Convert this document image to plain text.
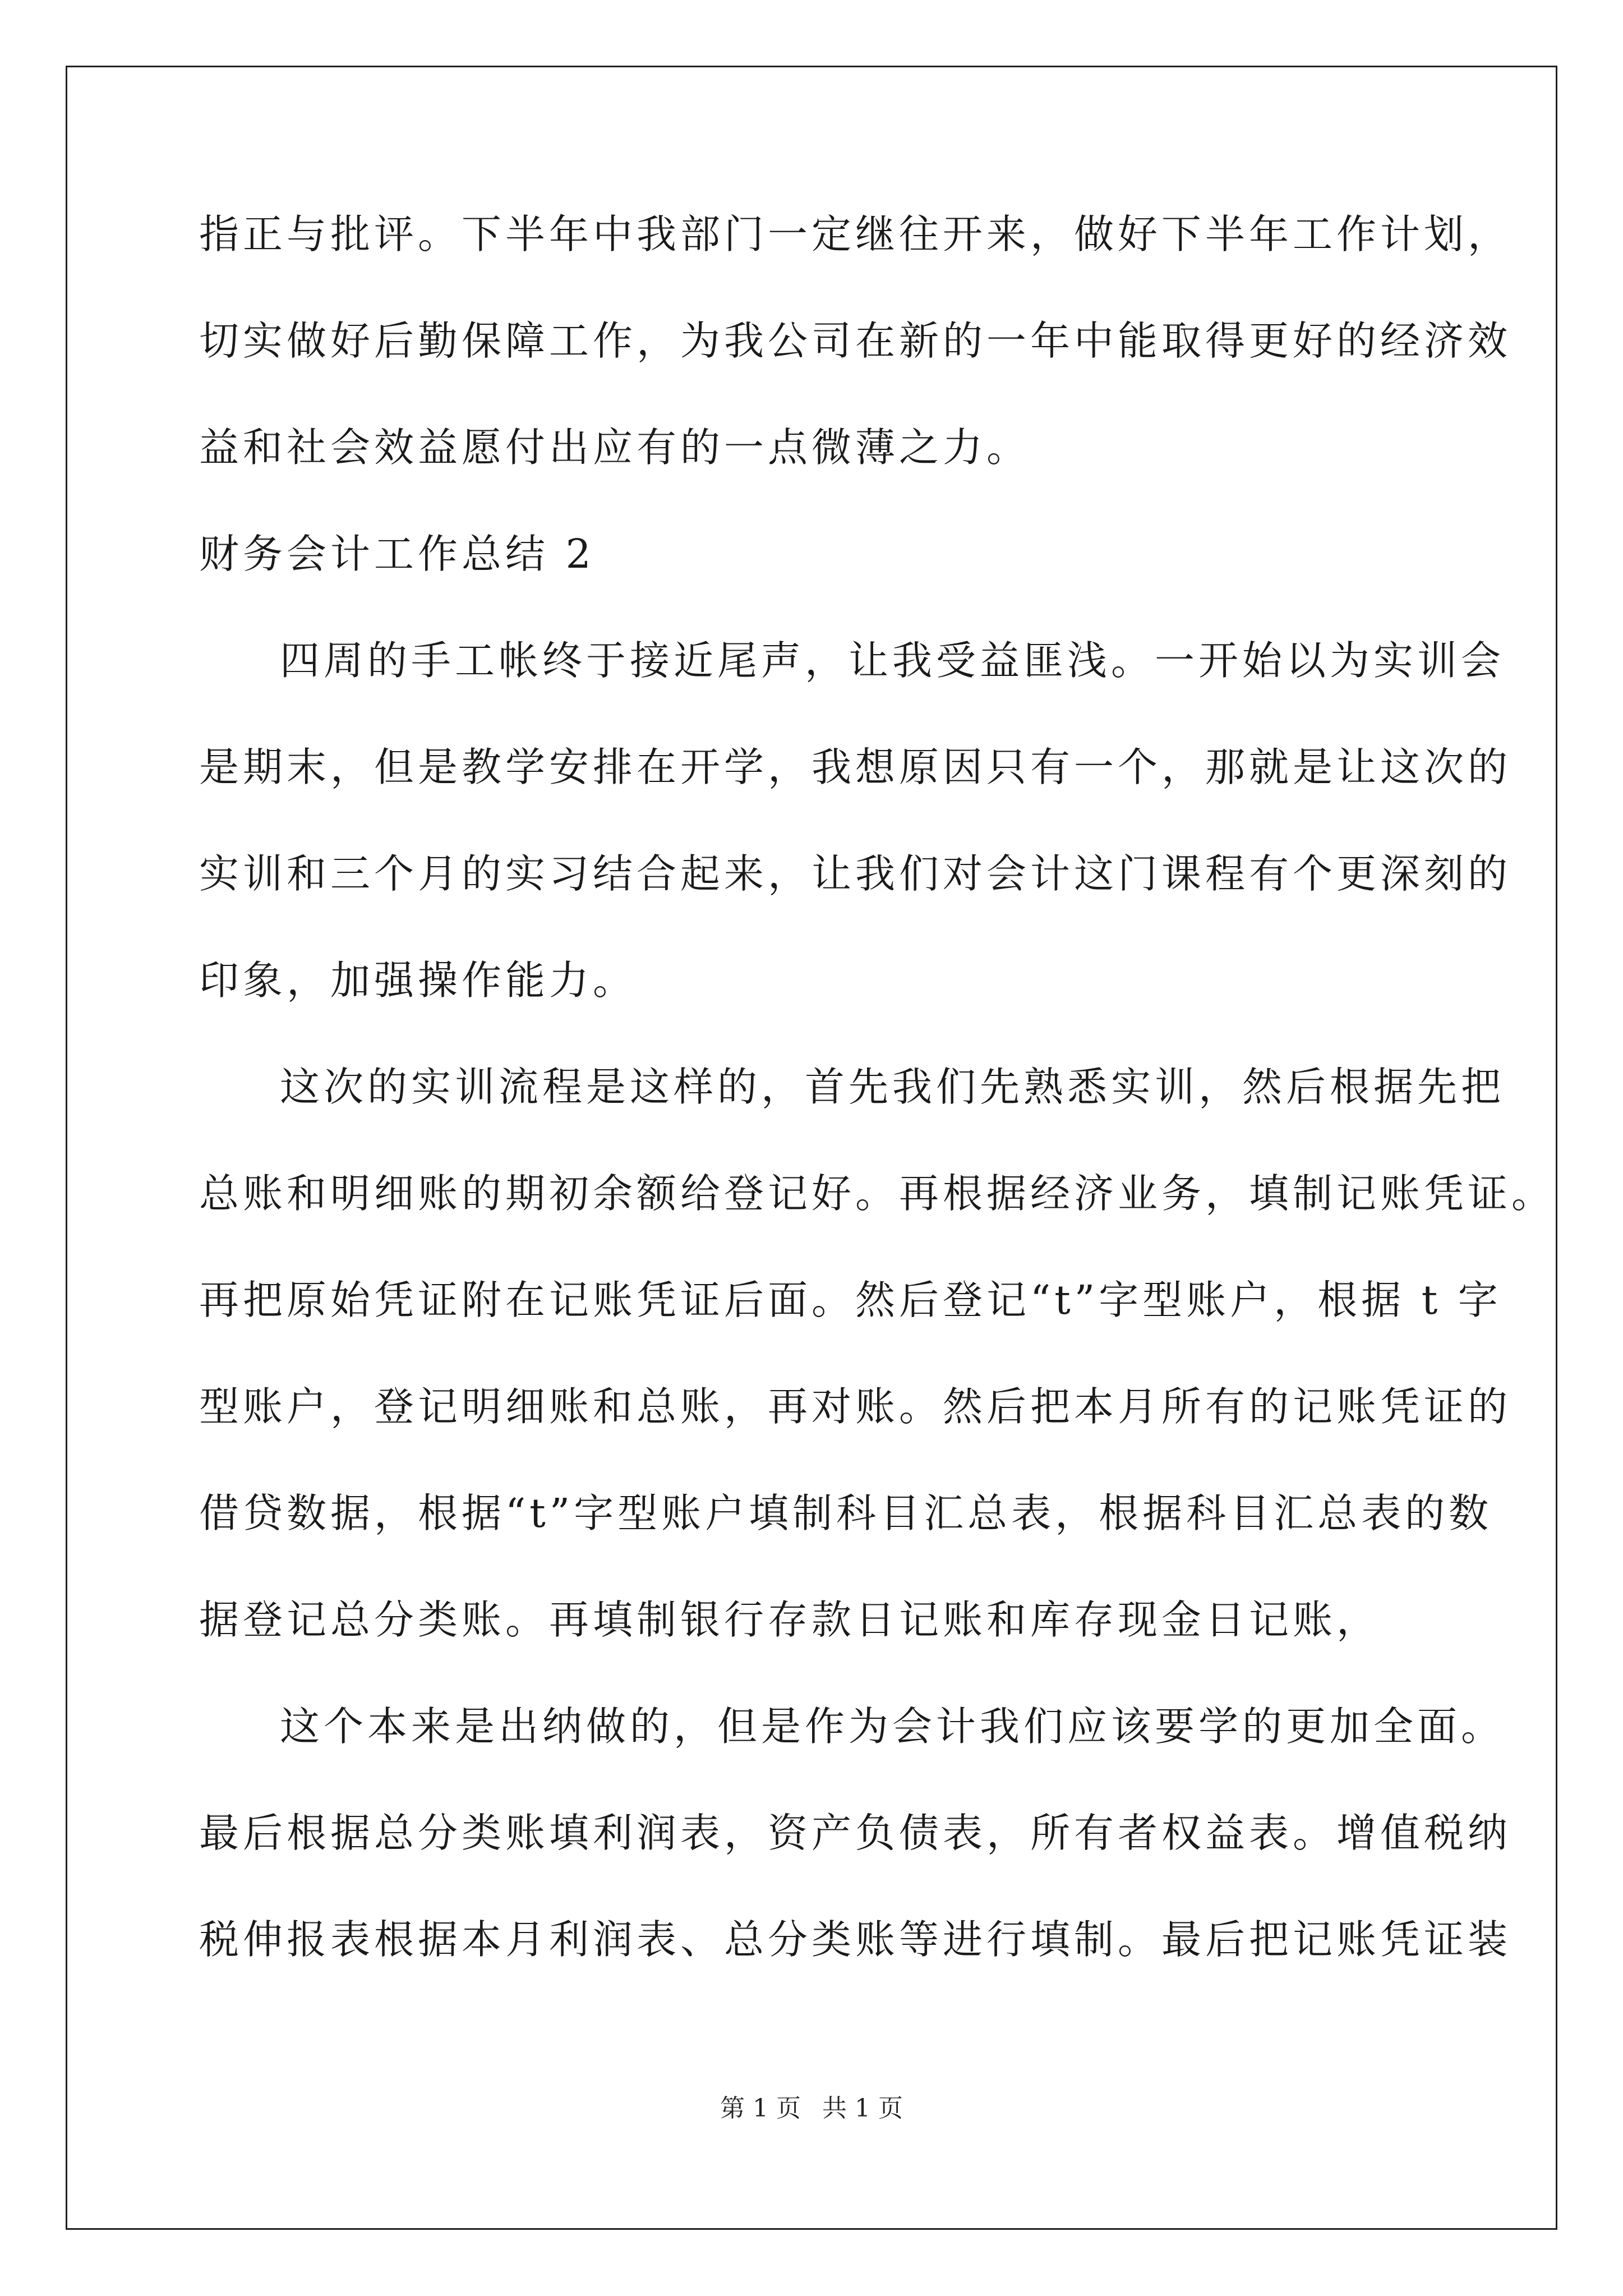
指正与批评。下半年中我部门一定继往开来，做好下半年工作计划，
切实做好后勤保障工作，为我公司在新的一年中能取得更好的经济效
益和社会效益愿付出应有的一点微薄之力。
财务会计工作总结 2
四周的手工帐终于接近尾声，让我受益匪浅。一开始以为实训会
是期末，但是教学安排在开学，我想原因只有一个，那就是让这次的
实训和三个月的实习结合起来，让我们对会计这门课程有个更深刻的
印象，加强操作能力。
这次的实训流程是这样的，首先我们先熟悉实训，然后根据先把
总账和明细账的期初余额给登记好。再根据经济业务，填制记账凭证。
再把原始凭证附在记账凭证后面。然后登记“t”字型账户，根据 t 字
型账户，登记明细账和总账，再对账。然后把本月所有的记账凭证的
借贷数据，根据“t”字型账户填制科目汇总表，根据科目汇总表的数
据登记总分类账。再填制银行存款日记账和库存现金日记账，
这个本来是出纳做的，但是作为会计我们应该要学的更加全面。
最后根据总分类账填利润表，资产负债表，所有者权益表。增值税纳
税伸报表根据本月利润表、总分类账等进行填制。最后把记账凭证装
第 1 页 共 1 页
